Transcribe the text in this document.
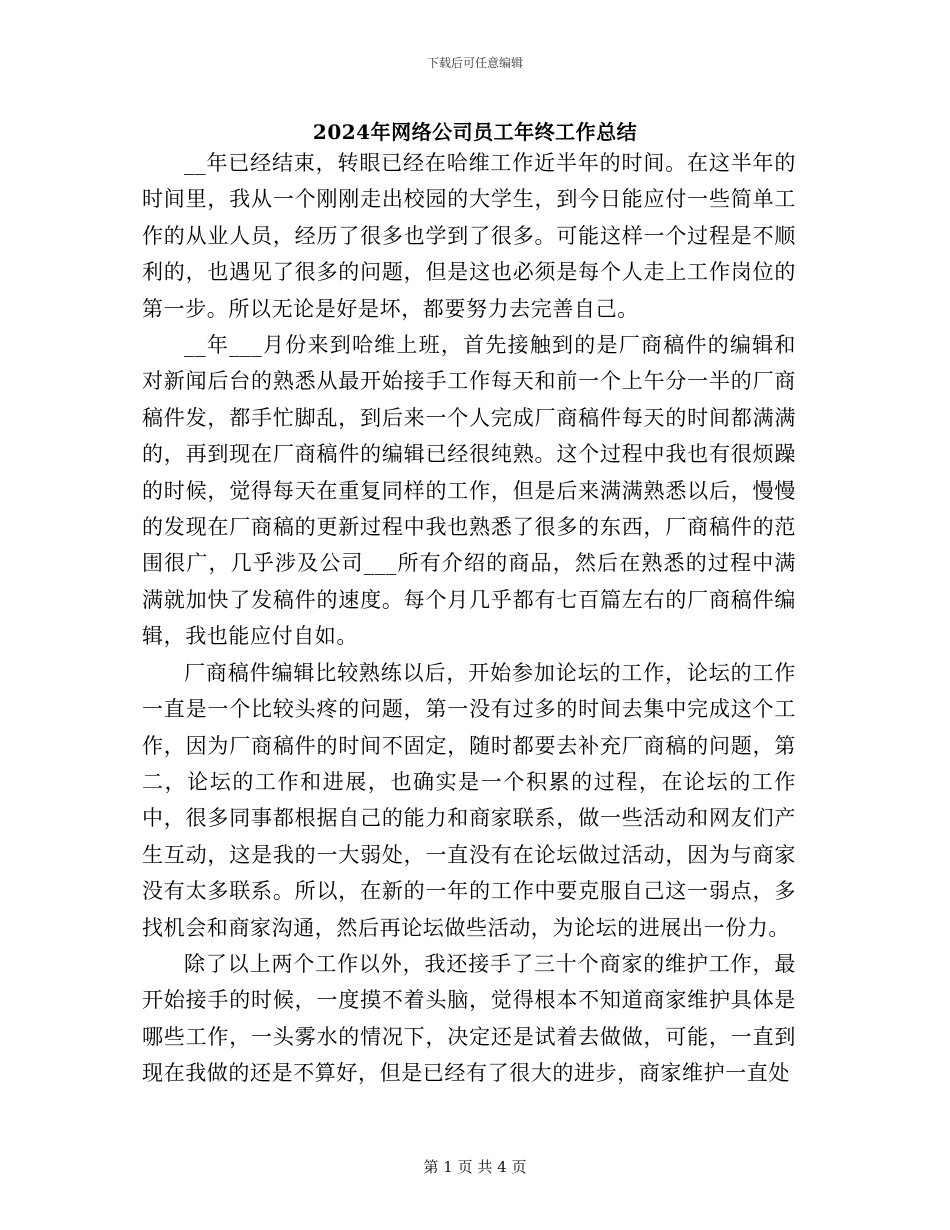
下载后可任意编辑
2024年网络公司员工年终工作总结

__年已经结束，转眼已经在哈维工作近半年的时间。在这半年的时间里，我从一个刚刚走出校园的大学生，到今日能应付一些简单工作的从业人员，经历了很多也学到了很多。可能这样一个过程是不顺利的，也遇见了很多的问题，但是这也必须是每个人走上工作岗位的第一步。所以无论是好是坏，都要努力去完善自己。

__年___月份来到哈维上班，首先接触到的是厂商稿件的编辑和对新闻后台的熟悉从最开始接手工作每天和前一个上午分一半的厂商稿件发，都手忙脚乱，到后来一个人完成厂商稿件每天的时间都满满的，再到现在厂商稿件的编辑已经很纯熟。这个过程中我也有很烦躁的时候，觉得每天在重复同样的工作，但是后来满满熟悉以后，慢慢的发现在厂商稿的更新过程中我也熟悉了很多的东西，厂商稿件的范围很广，几乎涉及公司___所有介绍的商品，然后在熟悉的过程中满满就加快了发稿件的速度。每个月几乎都有七百篇左右的厂商稿件编辑，我也能应付自如。

厂商稿件编辑比较熟练以后，开始参加论坛的工作，论坛的工作一直是一个比较头疼的问题，第一没有过多的时间去集中完成这个工作，因为厂商稿件的时间不固定，随时都要去补充厂商稿的问题，第二，论坛的工作和进展，也确实是一个积累的过程，在论坛的工作中，很多同事都根据自己的能力和商家联系，做一些活动和网友们产生互动，这是我的一大弱处，一直没有在论坛做过活动，因为与商家没有太多联系。所以，在新的一年的工作中要克服自己这一弱点，多找机会和商家沟通，然后再论坛做些活动，为论坛的进展出一份力。

除了以上两个工作以外，我还接手了三十个商家的维护工作，最开始接手的时候，一度摸不着头脑，觉得根本不知道商家维护具体是哪些工作，一头雾水的情况下，决定还是试着去做做，可能，一直到现在我做的还是不算好，但是已经有了很大的进步，商家维护一直处

第 1 页 共 4 页
